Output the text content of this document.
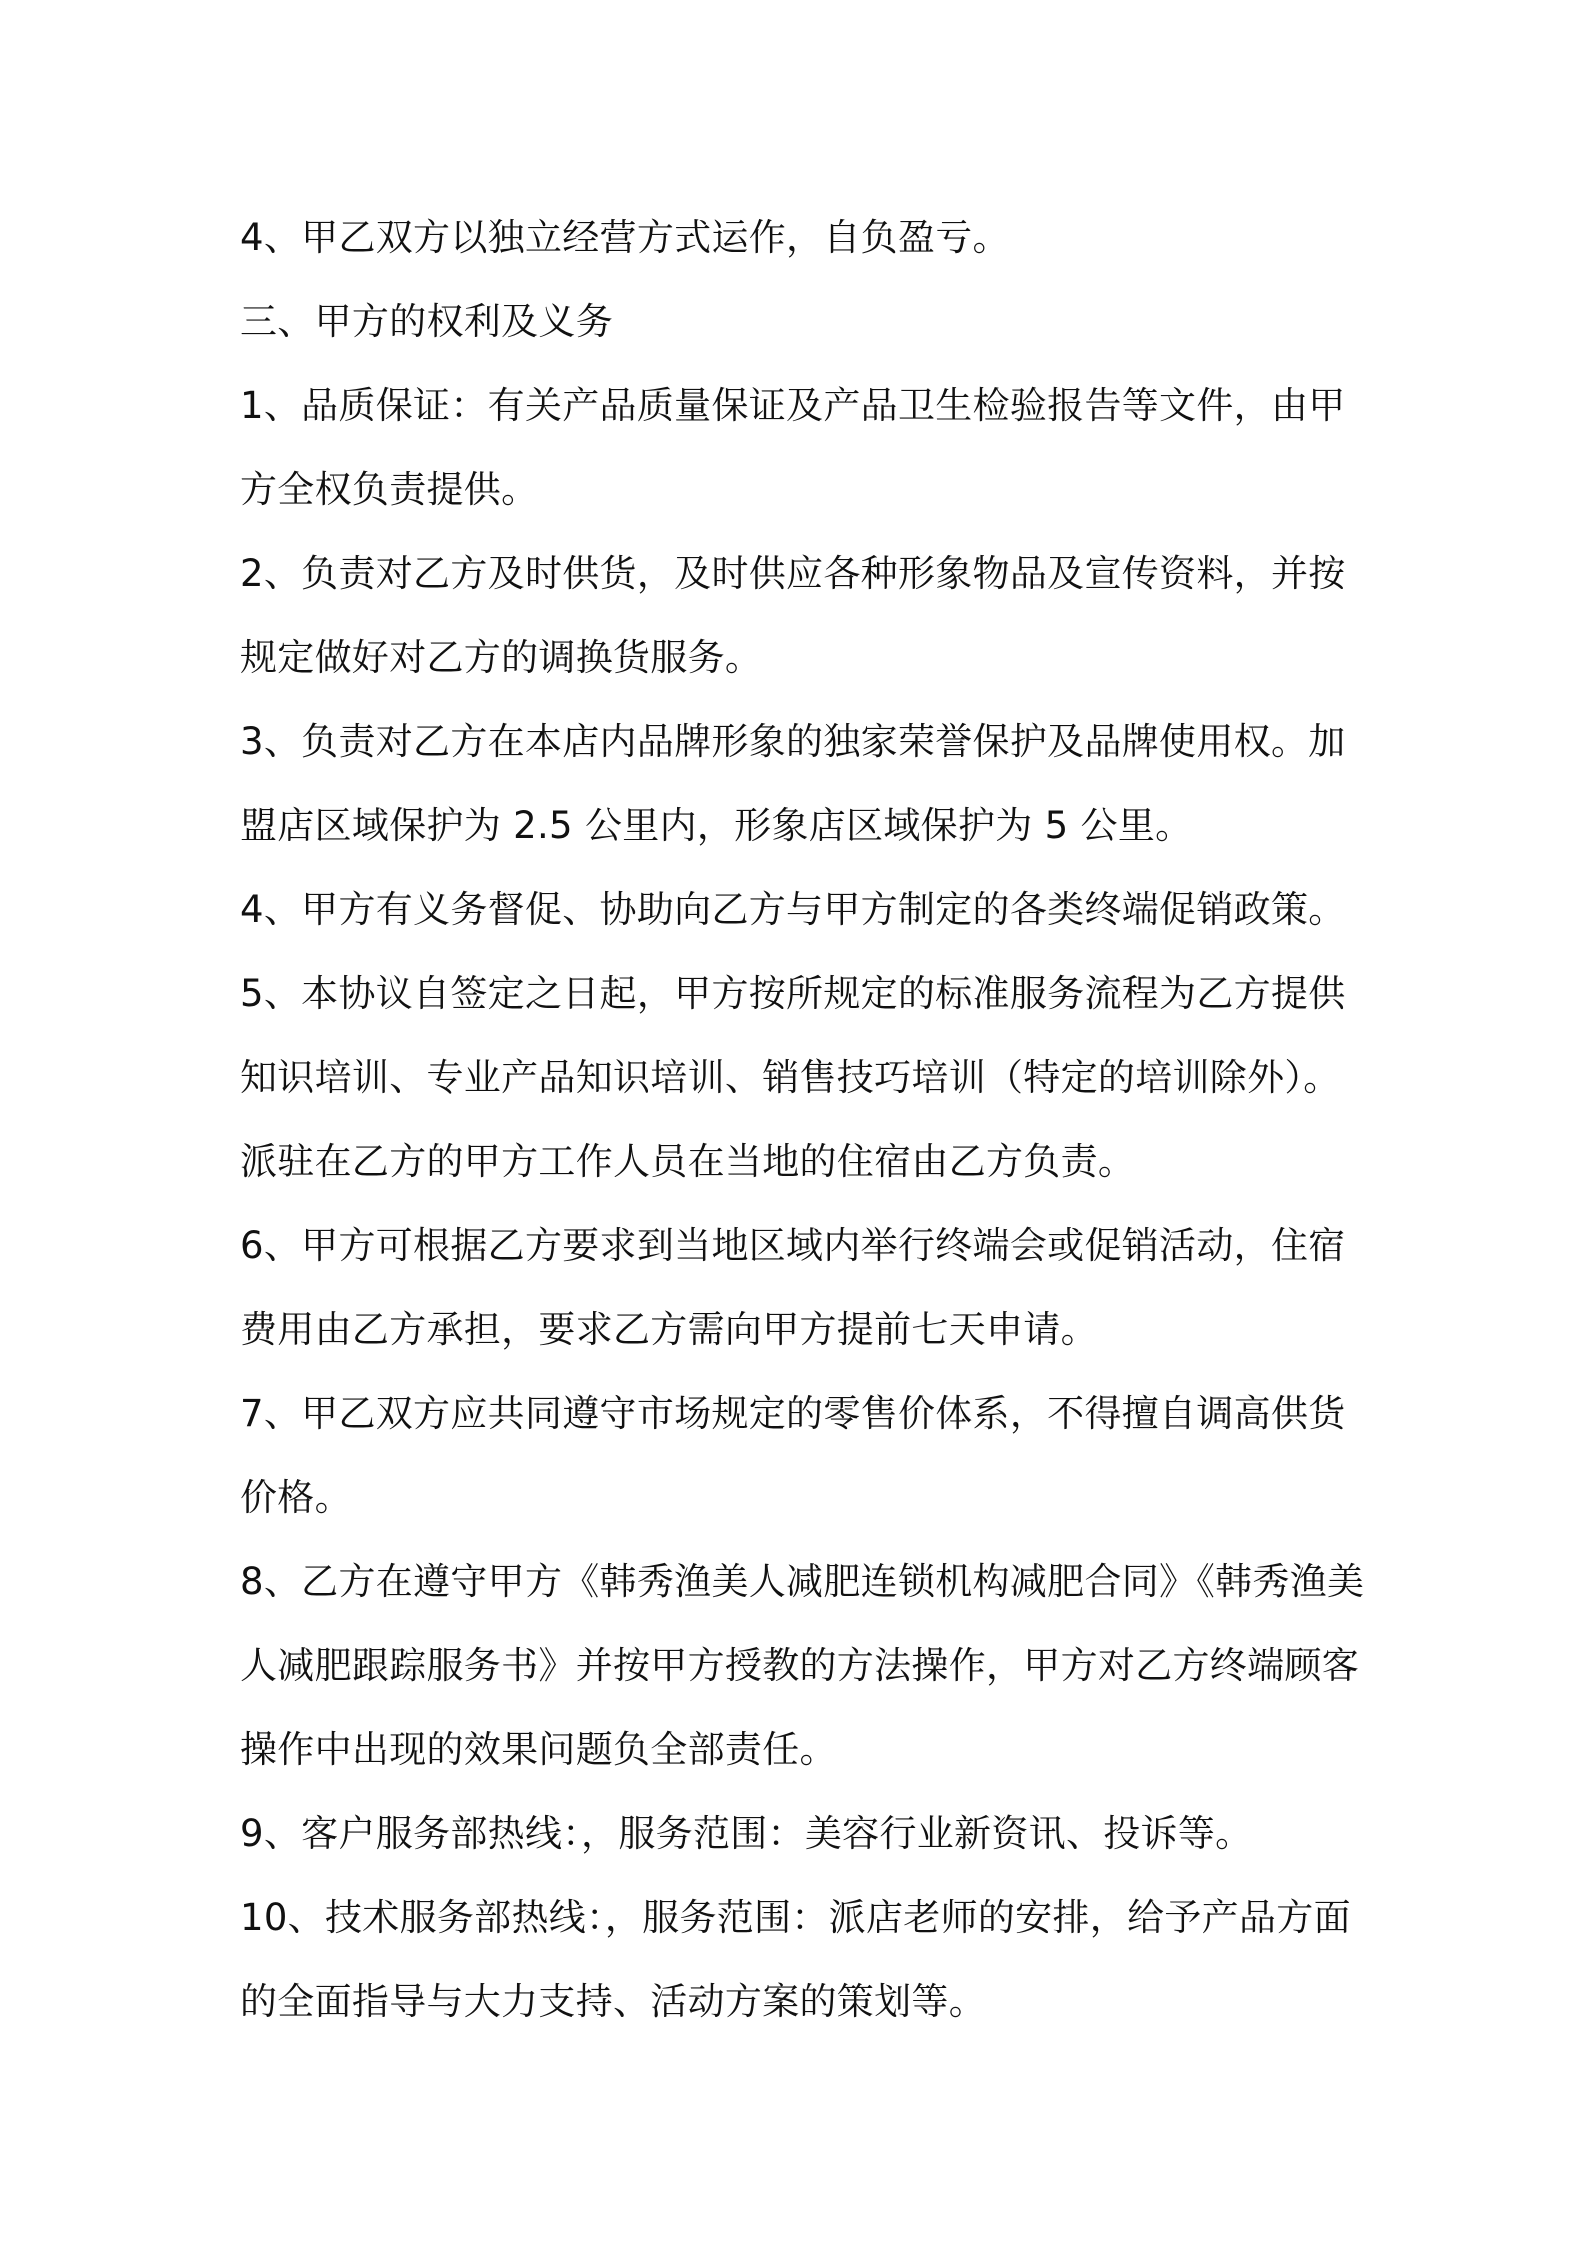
4、甲乙双方以独立经营方式运作，自负盈亏。
三、甲方的权利及义务
1、品质保证：有关产品质量保证及产品卫生检验报告等文件，由甲
方全权负责提供。
2、负责对乙方及时供货，及时供应各种形象物品及宣传资料，并按
规定做好对乙方的调换货服务。
3、负责对乙方在本店内品牌形象的独家荣誉保护及品牌使用权。加
盟店区域保护为 2.5 公里内，形象店区域保护为 5 公里。
4、甲方有义务督促、协助向乙方与甲方制定的各类终端促销政策。
5、本协议自签定之日起，甲方按所规定的标准服务流程为乙方提供
知识培训、专业产品知识培训、销售技巧培训（特定的培训除外）。
派驻在乙方的甲方工作人员在当地的住宿由乙方负责。
6、甲方可根据乙方要求到当地区域内举行终端会或促销活动，住宿
费用由乙方承担，要求乙方需向甲方提前七天申请。
7、甲乙双方应共同遵守市场规定的零售价体系，不得擅自调高供货
价格。
8、乙方在遵守甲方《韩秀渔美人减肥连锁机构减肥合同》《韩秀渔美
人减肥跟踪服务书》并按甲方授教的方法操作，甲方对乙方终端顾客
操作中出现的效果问题负全部责任。
9、客户服务部热线：，服务范围：美容行业新资讯、投诉等。
10、技术服务部热线：，服务范围：派店老师的安排，给予产品方面
的全面指导与大力支持、活动方案的策划等。
